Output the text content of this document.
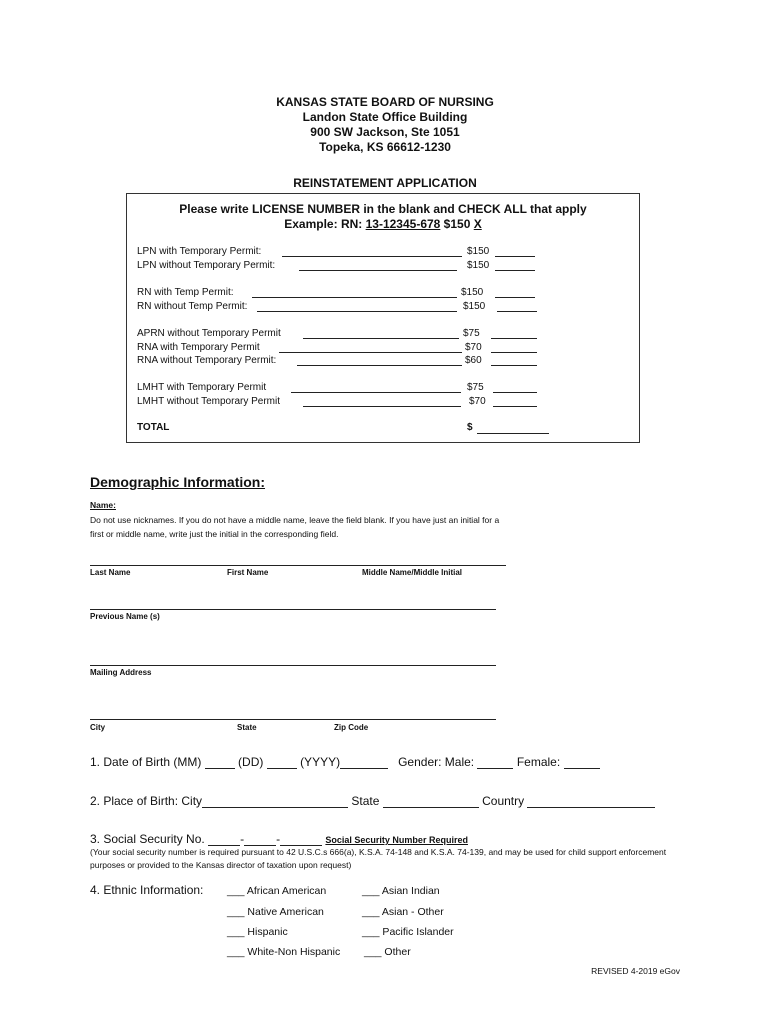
KANSAS STATE BOARD OF NURSING
Landon State Office Building
900 SW Jackson, Ste 1051
Topeka, KS 66612-1230
REINSTATEMENT APPLICATION
Please write LICENSE NUMBER in the blank and CHECK ALL that apply
Example: RN: 13-12345-678 $150 X
LPN with Temporary Permit:	$150
LPN without Temporary Permit:	$150
RN with Temp Permit:	$150
RN without Temp Permit:	$150
APRN without Temporary Permit	$75
RNA with Temporary Permit	$70
RNA without Temporary Permit:	$60
LMHT with Temporary Permit	$75
LMHT without Temporary Permit	$70
TOTAL	$
Demographic Information:
Name:
Do not use nicknames. If you do not have a middle name, leave the field blank. If you have just an initial for a first or middle name, write just the initial in the corresponding field.
Last Name	First Name	Middle Name/Middle Initial
Previous Name (s)
Mailing Address
City	State	Zip Code
1. Date of Birth (MM)	(DD)	(YYYY)	Gender: Male:	Female:
2. Place of Birth: City	State	Country
3. Social Security No.	-	-	Social Security Number Required
(Your social security number is required pursuant to 42 U.S.C.s 666(a), K.S.A. 74-148 and K.S.A. 74-139, and may be used for child support enforcement purposes or provided to the Kansas director of taxation upon request)
4. Ethnic Information: ___ African American
___ Native American
___ Hispanic
___ White-Non Hispanic
___ Asian Indian
___ Asian - Other
___ Pacific Islander
___ Other
REVISED 4-2019 eGov
